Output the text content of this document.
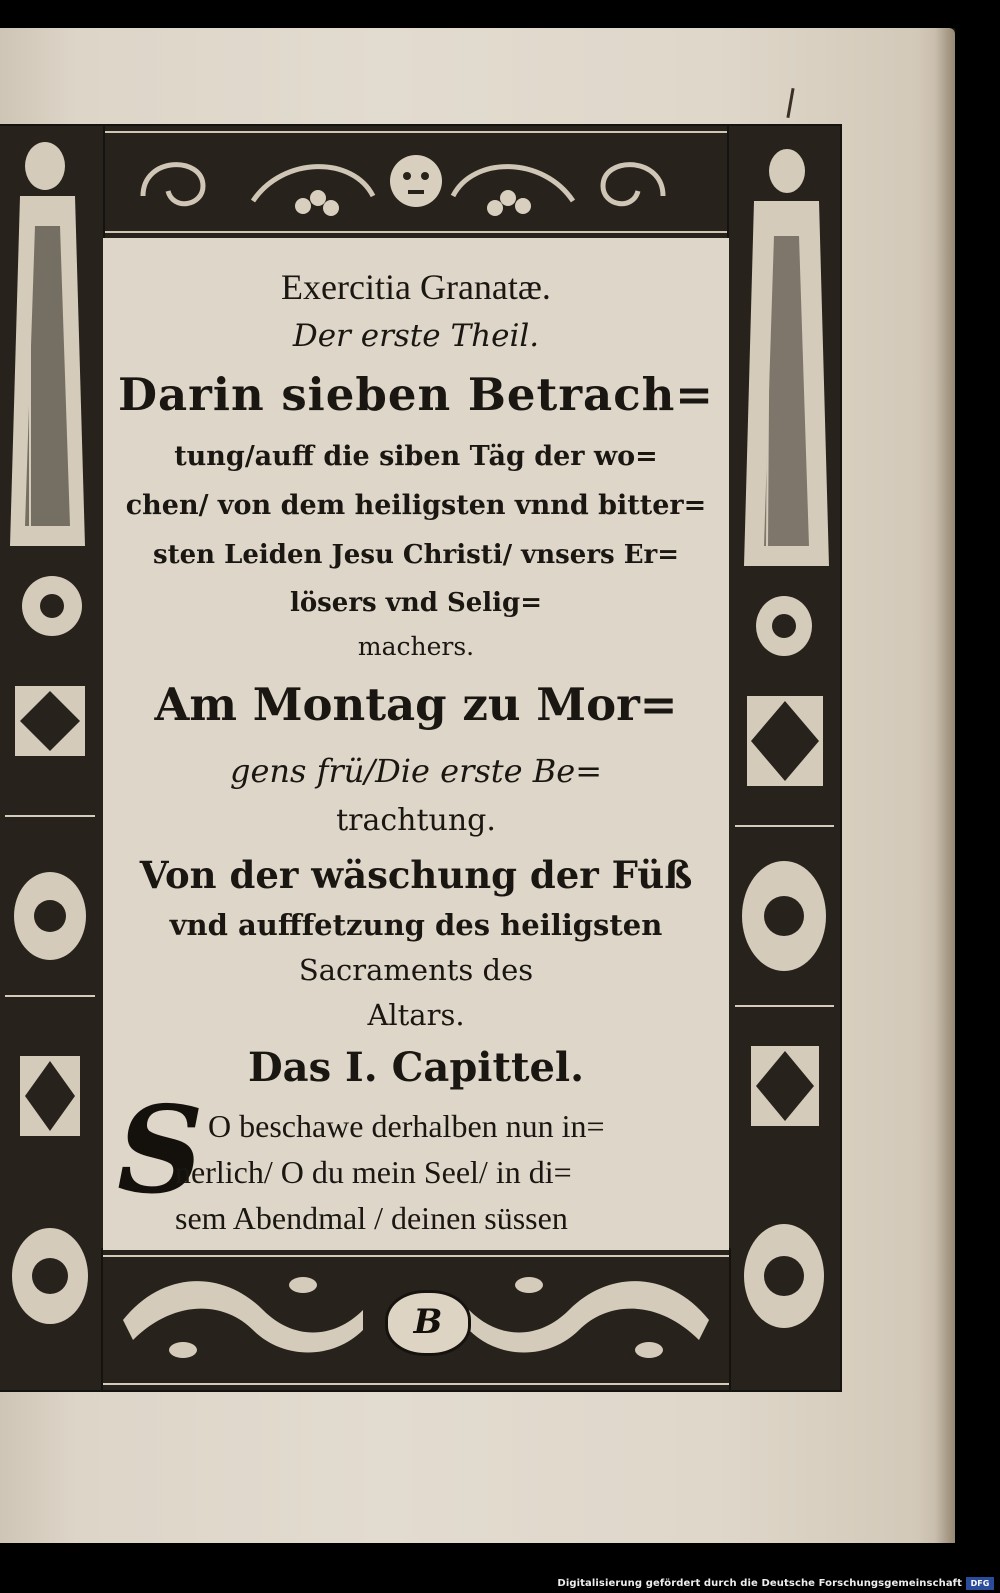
B
Exercitia Granatæ.
Der erste Theil.
Darin sieben Betrach=
tung/auff die siben Täg der wo=
chen/ von dem heiligsten vnnd bitter=
sten Leiden Jesu Christi/ vnsers Er=
lösers vnd Selig=
machers.
Am Montag zu Mor=
gens frü/Die erste Be=
trachtung.
Von der wäschung der Füß
vnd aufffetzung des heiligsten
Sacraments des
Altars.
Das I. Capittel.
S O beschawe derhalben nun in=
nerlich/ O du mein Seel/ in di=
sem Abendmal / deinen süssen
Digitalisierung gefördert durch die Deutsche Forschungsgemeinschaft	DFG
